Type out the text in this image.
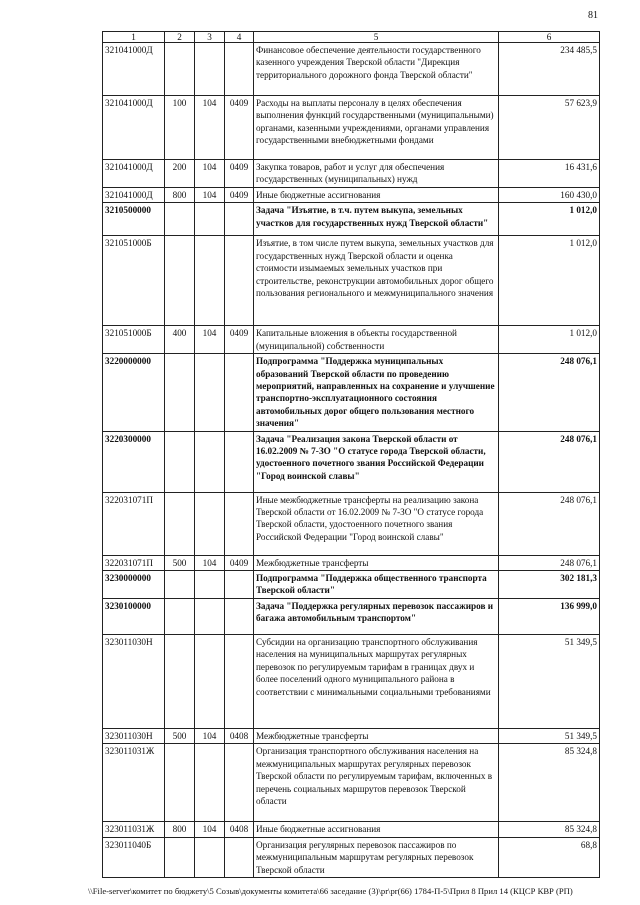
81
1	2	3	4	5	6
321041000Д				Финансовое обеспечение деятельности государственного казенного учреждения Тверской области "Дирекция территориального дорожного фонда Тверской области"	234 485,5
321041000Д	100	104	0409	Расходы на выплаты персоналу в целях обеспечения выполнения функций государственными (муниципальными) органами, казенными учреждениями, органами управления государственными внебюджетными фондами	57 623,9
321041000Д	200	104	0409	Закупка товаров, работ и услуг для обеспечения государственных (муниципальных) нужд	16 431,6
321041000Д	800	104	0409	Иные бюджетные ассигнования	160 430,0
3210500000				Задача "Изъятие, в т.ч. путем выкупа, земельных участков для государственных нужд Тверской области"	1 012,0
321051000Б				Изъятие, в том числе путем выкупа, земельных участков для государственных нужд Тверской области и оценка стоимости изымаемых земельных участков при строительстве, реконструкции автомобильных дорог общего пользования регионального и межмуниципального значения	1 012,0
321051000Б	400	104	0409	Капитальные вложения в объекты государственной (муниципальной) собственности	1 012,0
3220000000				Подпрограмма "Поддержка муниципальных образований Тверской области по проведению мероприятий, направленных на сохранение и улучшение транспортно-эксплуатационного состояния автомобильных дорог общего пользования местного значения"	248 076,1
3220300000				Задача "Реализация закона Тверской области от 16.02.2009 № 7-ЗО "О статусе города Тверской области, удостоенного почетного звания Российской Федерации "Город воинской славы"	248 076,1
322031071П				Иные межбюджетные трансферты на реализацию закона Тверской области от 16.02.2009 № 7-ЗО "О статусе города Тверской области, удостоенного почетного звания Российской Федерации "Город воинской славы"	248 076,1
322031071П	500	104	0409	Межбюджетные трансферты	248 076,1
3230000000				Подпрограмма "Поддержка общественного транспорта Тверской области"	302 181,3
3230100000				Задача "Поддержка регулярных перевозок пассажиров и багажа автомобильным транспортом"	136 999,0
323011030Н				Субсидии на организацию транспортного обслуживания населения на муниципальных маршрутах регулярных перевозок по регулируемым тарифам в границах двух и более поселений одного муниципального района в соответствии с минимальными социальными требованиями	51 349,5
323011030Н	500	104	0408	Межбюджетные трансферты	51 349,5
323011031Ж				Организация транспортного обслуживания населения на межмуниципальных маршрутах регулярных перевозок Тверской области по регулируемым тарифам, включенных в перечень социальных маршрутов перевозок Тверской области	85 324,8
323011031Ж	800	104	0408	Иные бюджетные ассигнования	85 324,8
323011040Б				Организация регулярных перевозок пассажиров по межмуниципальным маршрутам регулярных перевозок Тверской области	68,8
\\File-server\комитет по бюджету\5 Созыв\документы комитета\66 заседание (3)\pr\pr(66) 1784-П-5\Прил 8 Прил 14 (КЦСР КВР (РП)
